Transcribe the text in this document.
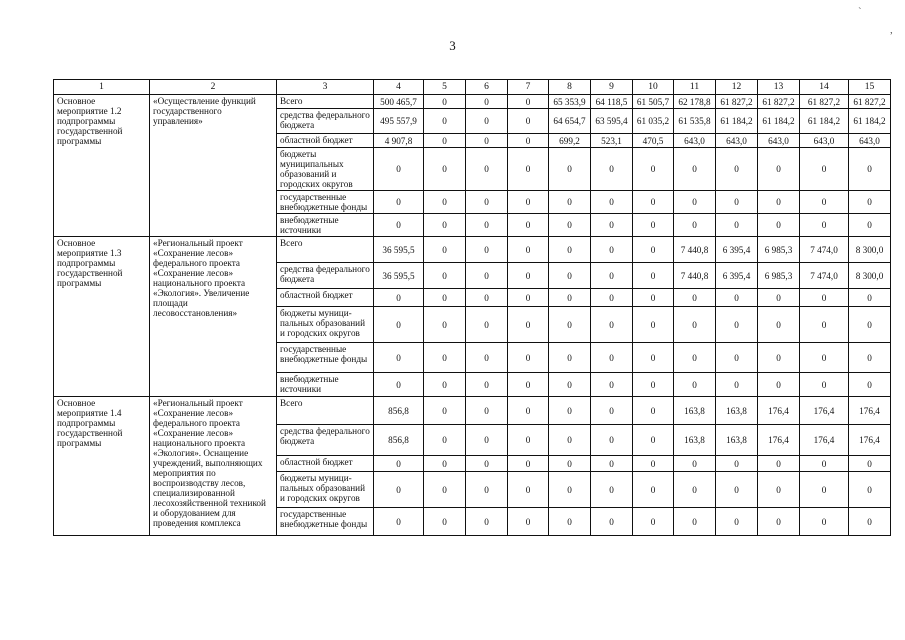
3
`
,
1	2	3	4	5	6	7	8	9	10	11	12	13	14	15
Основное мероприятие 1.2 подпрограммы государственной программы	«Осуществление функций государственного управления»	Всего	500 465,7	0	0	0	65 353,9	64 118,5	61 505,7	62 178,8	61 827,2	61 827,2	61 827,2	61 827,2
		средства федерального бюджета	495 557,9	0	0	0	64 654,7	63 595,4	61 035,2	61 535,8	61 184,2	61 184,2	61 184,2	61 184,2
		областной бюджет	4 907,8	0	0	0	699,2	523,1	470,5	643,0	643,0	643,0	643,0	643,0
		бюджеты муниципальных образований и городских округов	0	0	0	0	0	0	0	0	0	0	0	0
		государственные внебюджетные фонды	0	0	0	0	0	0	0	0	0	0	0	0
		внебюджетные источники	0	0	0	0	0	0	0	0	0	0	0	0
Основное мероприятие 1.3 подпрограммы государственной программы	«Региональный проект «Сохранение лесов» федерального проекта «Сохранение лесов» национального проекта «Экология». Увеличение площади лесовосстановления»	Всего	36 595,5	0	0	0	0	0	0	7 440,8	6 395,4	6 985,3	7 474,0	8 300,0
		средства федерального бюджета	36 595,5	0	0	0	0	0	0	7 440,8	6 395,4	6 985,3	7 474,0	8 300,0
		областной бюджет	0	0	0	0	0	0	0	0	0	0	0	0
		бюджеты муници-пальных образований и городских округов	0	0	0	0	0	0	0	0	0	0	0	0
		государственные внебюджетные фонды	0	0	0	0	0	0	0	0	0	0	0	0
		внебюджетные источники	0	0	0	0	0	0	0	0	0	0	0	0
Основное мероприятие 1.4 подпрограммы государственной программы	«Региональный проект «Сохранение лесов» федерального проекта «Сохранение лесов» национального проекта «Экология». Оснащение учреждений, выполняющих мероприятия по воспроизводству лесов, специализированной лесохозяйственной техникой и оборудованием для проведения комплекса	Всего	856,8	0	0	0	0	0	0	163,8	163,8	176,4	176,4	176,4
		средства федерального бюджета	856,8	0	0	0	0	0	0	163,8	163,8	176,4	176,4	176,4
		областной бюджет	0	0	0	0	0	0	0	0	0	0	0	0
		бюджеты муници-пальных образований и городских округов	0	0	0	0	0	0	0	0	0	0	0	0
		государственные внебюджетные фонды	0	0	0	0	0	0	0	0	0	0	0	0
